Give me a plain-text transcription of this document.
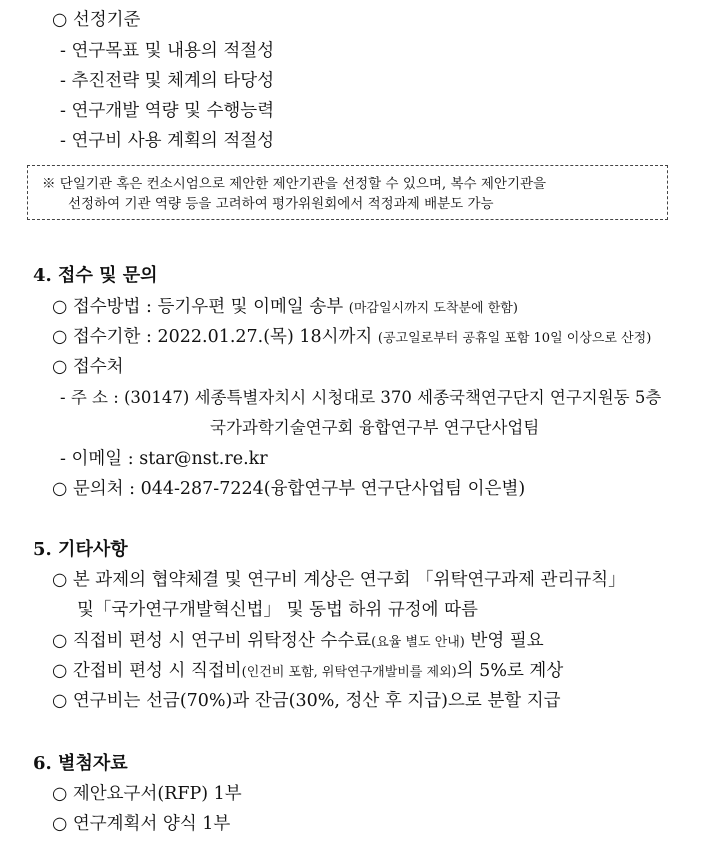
○ 선정기준
- 연구목표 및 내용의 적절성
- 추진전략 및 체계의 타당성
- 연구개발 역량 및 수행능력
- 연구비 사용 계획의 적절성
※ 단일기관 혹은 컨소시엄으로 제안한 제안기관을 선정할 수 있으며, 복수 제안기관을
선정하여 기관 역량 등을 고려하여 평가위원회에서 적정과제 배분도 가능
4. 접수 및 문의
○ 접수방법 : 등기우편 및 이메일 송부 (마감일시까지 도착분에 한함)
○ 접수기한 : 2022.01.27.(목) 18시까지 (공고일로부터 공휴일 포함 10일 이상으로 산정)
○ 접수처
- 주 소 : (30147) 세종특별자치시 시청대로 370 세종국책연구단지 연구지원동 5층
국가과학기술연구회 융합연구부 연구단사업팀
- 이메일 : star@nst.re.kr
○ 문의처 : 044-287-7224(융합연구부 연구단사업팀 이은별)
5. 기타사항
○ 본 과제의 협약체결 및 연구비 계상은 연구회 「위탁연구과제 관리규칙」
및「국가연구개발혁신법」 및 동법 하위 규정에 따름
○ 직접비 편성 시 연구비 위탁정산 수수료(요율 별도 안내) 반영 필요
○ 간접비 편성 시 직접비(인건비 포함, 위탁연구개발비를 제외)의 5%로 계상
○ 연구비는 선금(70%)과 잔금(30%, 정산 후 지급)으로 분할 지급
6. 별첨자료
○ 제안요구서(RFP) 1부
○ 연구계획서 양식 1부
